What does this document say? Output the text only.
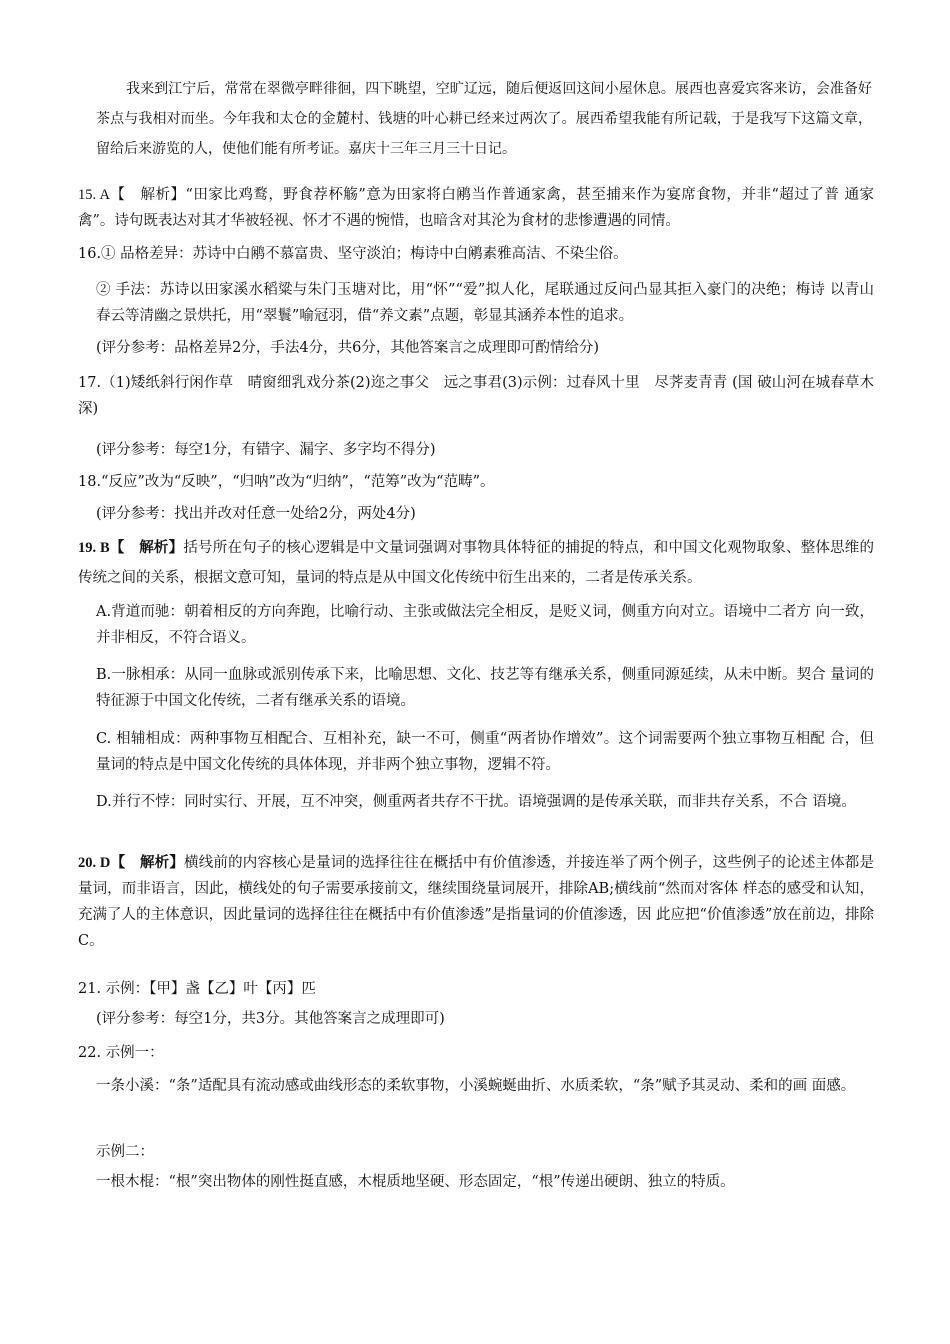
我来到江宁后，常常在翠微亭畔徘徊，四下眺望，空旷辽远，随后便返回这间小屋休息。展西也喜爱宾客来访，会准备好茶点与我相对而坐。今年我和太仓的金麓村、钱塘的叶心耕已经来过两次了。展西希望我能有所记载，于是我写下这篇文章，留给后来游览的人，使他们能有所考证。嘉庆十三年三月三十日记。
15. A【　解析】“田家比鸡鹜，野食荐杯觞”意为田家将白鹇当作普通家禽，甚至捕来作为宴席食物，并非“超过了普 通家禽”。诗句既表达对其才华被轻视、怀才不遇的惋惜，也暗含对其沦为食材的悲惨遭遇的同情。
16.① 品格差异：苏诗中白鹇不慕富贵、坚守淡泊；梅诗中白鹇素雅高洁、不染尘俗。
② 手法：苏诗以田家溪水稻粱与朱门玉塘对比，用“怀”“爱”拟人化，尾联通过反问凸显其拒入豪门的决绝；梅诗 以青山春云等清幽之景烘托，用“翠鬟”喻冠羽，借“养文素”点题，彰显其涵养本性的追求。
(评分参考：品格差异2分，手法4分，共6分，其他答案言之成理即可酌情给分)
17.（1)矮纸斜行闲作草　晴窗细乳戏分茶(2)迩之事父　远之事君(3)示例：过春风十里　尽荠麦青青 (国 破山河在城春草木深)
(评分参考：每空1分，有错字、漏字、多字均不得分)
18.“反应”改为“反映”，“归呐”改为“归纳”，“范筹”改为“范畴”。
(评分参考：找出并改对任意一处给2分，两处4分)
19. B【　解析】括号所在句子的核心逻辑是中文量词强调对事物具体特征的捕捉的特点，和中国文化观物取象、整体思维的传统之间的关系，根据文意可知，量词的特点是从中国文化传统中衍生出来的，二者是传承关系。
A.背道而驰：朝着相反的方向奔跑，比喻行动、主张或做法完全相反，是贬义词，侧重方向对立。语境中二者方 向一致，并非相反，不符合语义。
B.一脉相承：从同一血脉或派别传承下来，比喻思想、文化、技艺等有继承关系，侧重同源延续，从未中断。契合 量词的特征源于中国文化传统，二者有继承关系的语境。
C. 相辅相成：两种事物互相配合、互相补充，缺一不可，侧重“两者协作增效”。这个词需要两个独立事物互相配 合，但量词的特点是中国文化传统的具体体现，并非两个独立事物，逻辑不符。
D.并行不悖：同时实行、开展，互不冲突，侧重两者共存不干扰。语境强调的是传承关联，而非共存关系，不合 语境。
20. D【　解析】横线前的内容核心是量词的选择往往在概括中有价值渗透，并接连举了两个例子，这些例子的论述主体都是量词，而非语言，因此，横线处的句子需要承接前文，继续围绕量词展开，排除AB;横线前“然而对客体 样态的感受和认知，充满了人的主体意识，因此量词的选择往往在概括中有价值渗透”是指量词的价值渗透，因 此应把“价值渗透”放在前边，排除C。
21. 示例：【甲】盏【乙】叶【丙】匹
(评分参考：每空1分，共3分。其他答案言之成理即可)
22. 示例一：
一条小溪：“条”适配具有流动感或曲线形态的柔软事物，小溪蜿蜒曲折、水质柔软，“条”赋予其灵动、柔和的画 面感。
示例二：
一根木棍：“根”突出物体的刚性挺直感，木棍质地坚硬、形态固定，“根”传递出硬朗、独立的特质。
